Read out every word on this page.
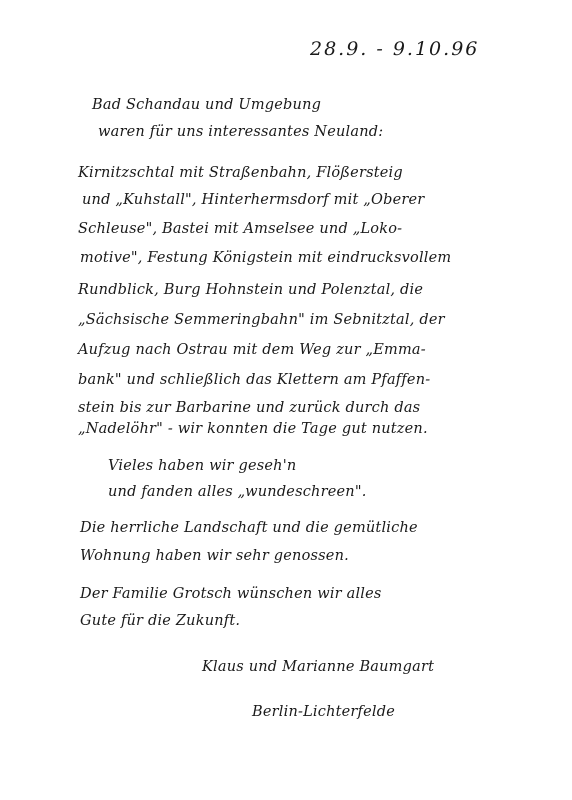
28.9. - 9.10.96
Bad Schandau und Umgebung
waren für uns interessantes Neuland:
Kirnitzschtal mit Straßenbahn, Flößersteig
und „Kuhstall", Hinterhermsdorf mit „Oberer
Schleuse", Bastei mit Amselsee und „Loko-
motive", Festung Königstein mit eindrucksvollem
Rundblick, Burg Hohnstein und Polenztal, die
„Sächsische Semmeringbahn" im Sebnitztal, der
Aufzug nach Ostrau mit dem Weg zur „Emma-
bank" und schließlich das Klettern am Pfaffen-
stein bis zur Barbarine und zurück durch das
„Nadelöhr" - wir konnten die Tage gut nutzen.
Vieles haben wir geseh'n
und fanden alles „wundeschreen".
Die herrliche Landschaft und die gemütliche
Wohnung haben wir sehr genossen.
Der Familie Grotsch wünschen wir alles
Gute für die Zukunft.
Klaus und Marianne Baumgart
Berlin-Lichterfelde
